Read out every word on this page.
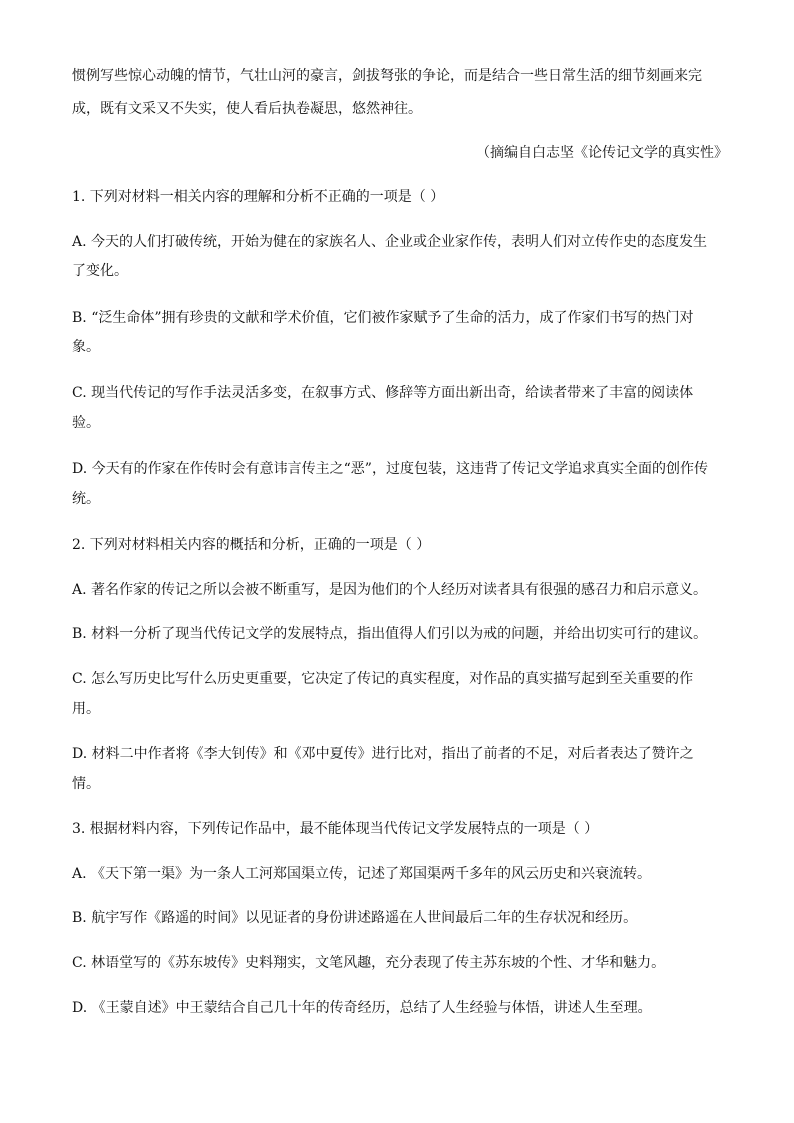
惯例写些惊心动魄的情节，气壮山河的豪言，剑拔弩张的争论，而是结合一些日常生活的细节刻画来完
成，既有文采又不失实，使人看后执卷凝思，悠然神往。
（摘编自白志坚《论传记文学的真实性》
1. 下列对材料一相关内容的理解和分析不正确的一项是（ ）
A. 今天的人们打破传统，开始为健在的家族名人、企业或企业家作传，表明人们对立传作史的态度发生
了变化。
B. “泛生命体”拥有珍贵的文献和学术价值，它们被作家赋予了生命的活力，成了作家们书写的热门对
象。
C. 现当代传记的写作手法灵活多变，在叙事方式、修辞等方面出新出奇，给读者带来了丰富的阅读体
验。
D. 今天有的作家在作传时会有意讳言传主之“恶”，过度包装，这违背了传记文学追求真实全面的创作传
统。
2. 下列对材料相关内容的概括和分析，正确的一项是（ ）
A. 著名作家的传记之所以会被不断重写，是因为他们的个人经历对读者具有很强的感召力和启示意义。
B. 材料一分析了现当代传记文学的发展特点，指出值得人们引以为戒的问题，并给出切实可行的建议。
C. 怎么写历史比写什么历史更重要，它决定了传记的真实程度，对作品的真实描写起到至关重要的作
用。
D. 材料二中作者将《李大钊传》和《邓中夏传》进行比对，指出了前者的不足，对后者表达了赞许之
情。
3. 根据材料内容，下列传记作品中，最不能体现当代传记文学发展特点的一项是（ ）
A. 《天下第一渠》为一条人工河郑国渠立传，记述了郑国渠两千多年的风云历史和兴衰流转。
B. 航宇写作《路遥的时间》以见证者的身份讲述路遥在人世间最后二年的生存状况和经历。
C. 林语堂写的《苏东坡传》史料翔实，文笔风趣，充分表现了传主苏东坡的个性、才华和魅力。
D. 《王蒙自述》中王蒙结合自己几十年的传奇经历，总结了人生经验与体悟，讲述人生至理。
